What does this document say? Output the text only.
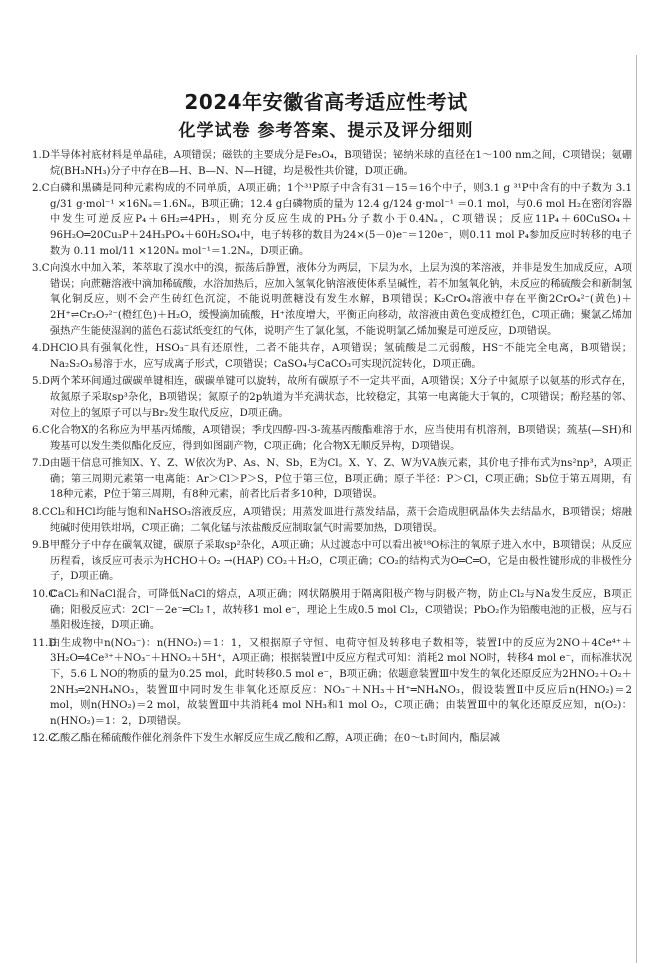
2024年安徽省高考适应性考试
化学试卷 参考答案、提示及评分细则
1.D 半导体衬底材料是单晶硅，A项错误；磁铁的主要成分是Fe₃O₄，B项错误；铋纳米球的直径在1～100 nm之间，C项错误；氨硼烷(BH₃NH₃)分子中存在B—H、B—N、N—H键，均是极性共价键，D项正确。
2.C 白磷和黑磷是同种元素构成的不同单质，A项正确；1个³¹P原子中含有31－15＝16个中子，则3.1 g ³¹P中含有的中子数为 3.1 g/31 g·mol⁻¹ ×16Nₐ＝1.6Nₐ，B项正确；12.4 g白磷物质的量为 12.4 g/124 g·mol⁻¹ ＝0.1 mol，与0.6 mol H₂在密闭容器中发生可逆反应P₄＋6H₂⇌4PH₃，则充分反应生成的PH₃分子数小于0.4Nₐ，C项错误；反应11P₄＋60CuSO₄＋96H₂O═20Cu₃P＋24H₃PO₄＋60H₂SO₄中，电子转移的数目为24×(5－0)e⁻＝120e⁻，则0.11 mol P₄参加反应时转移的电子数为 0.11 mol/11 ×120Nₐ mol⁻¹＝1.2Nₐ，D项正确。
3.C 向溴水中加入苯，苯萃取了溴水中的溴，振荡后静置，液体分为两层，下层为水，上层为溴的苯溶液，并非是发生加成反应，A项错误；向蔗糖溶液中滴加稀硫酸，水浴加热后，应加入氢氧化钠溶液使体系呈碱性，若不加氢氧化钠，未反应的稀硫酸会和新制氢氧化铜反应，则不会产生砖红色沉淀，不能说明蔗糖没有发生水解，B项错误；K₂CrO₄溶液中存在平衡2CrO₄²⁻(黄色)＋2H⁺⇌Cr₂O₇²⁻(橙红色)＋H₂O，缓慢滴加硫酸，H⁺浓度增大，平衡正向移动，故溶液由黄色变成橙红色，C项正确；聚氯乙烯加强热产生能使湿润的蓝色石蕊试纸变红的气体，说明产生了氯化氢，不能说明氯乙烯加聚是可逆反应，D项错误。
4.D HClO具有强氧化性，HSO₃⁻具有还原性，二者不能共存，A项错误；氢硫酸是二元弱酸，HS⁻不能完全电离，B项错误；Na₂S₂O₃易溶于水，应写成离子形式，C项错误；CaSO₄与CaCO₃可实现沉淀转化，D项正确。
5.D 两个苯环间通过碳碳单键相连，碳碳单键可以旋转，故所有碳原子不一定共平面，A项错误；X分子中氮原子以氨基的形式存在，故氮原子采取sp³杂化，B项错误；氮原子的2p轨道为半充满状态，比较稳定，其第一电离能大于氧的，C项错误；酚羟基的邻、对位上的氢原子可以与Br₂发生取代反应，D项正确。
6.C 化合物X的名称应为甲基丙烯酸，A项错误；季戊四醇-四-3-巯基丙酸酯难溶于水，应当使用有机溶剂，B项错误；巯基(—SH)和羧基可以发生类似酯化反应，得到如图副产物，C项正确；化合物X无顺反异构，D项错误。
7.D 由题干信息可推知X、Y、Z、W依次为P、As、N、Sb，E为Cl。X、Y、Z、W为ⅤA族元素，其价电子排布式为ns²np³，A项正确；第三周期元素第一电离能：Ar＞Cl＞P＞S，P位于第三位，B项正确；原子半径：P＞Cl，C项正确；Sb位于第五周期，有18种元素，P位于第三周期，有8种元素，前者比后者多10种，D项错误。
8.C Cl₂和HCl均能与饱和NaHSO₃溶液反应，A项错误；用蒸发皿进行蒸发结晶，蒸干会造成胆矾晶体失去结晶水，B项错误；熔融纯碱时使用铁坩埚，C项正确；二氧化锰与浓盐酸反应制取氯气时需要加热，D项错误。
9.B 甲醛分子中存在碳氧双键，碳原子采取sp²杂化，A项正确；从过渡态中可以看出被¹⁸O标注的氧原子进入水中，B项错误；从反应历程看，该反应可表示为HCHO＋O₂ →(HAP) CO₂＋H₂O，C项正确；CO₂的结构式为O═C═O，它是由极性键形成的非极性分子，D项正确。
10.C
CaCl₂和NaCl混合，可降低NaCl的熔点，A项正确；网状隔膜用于隔离阳极产物与阴极产物，防止Cl₂与Na发生反应，B项正确；阳极反应式：2Cl⁻－2e⁻═Cl₂↑，故转移1 mol e⁻，理论上生成0.5 mol Cl₂，C项错误；PbO₂作为铅酸电池的正极，应与石墨阳极连接，D项正确。
11.D
由生成物中n(NO₃⁻)：n(HNO₂)＝1：1，又根据原子守恒、电荷守恒及转移电子数相等，装置Ⅰ中的反应为2NO＋4Ce⁴⁺＋3H₂O═4Ce³⁺＋NO₃⁻＋HNO₂＋5H⁺，A项正确；根据装置Ⅰ中反应方程式可知：消耗2 mol NO时，转移4 mol e⁻，而标准状况下，5.6 L NO的物质的量为0.25 mol，此时转移0.5 mol e⁻，B项正确；依题意装置Ⅲ中发生的氧化还原反应为2HNO₂＋O₂＋2NH₃═2NH₄NO₃，装置Ⅲ中同时发生非氧化还原反应：NO₃⁻＋NH₃＋H⁺═NH₄NO₃，假设装置Ⅱ中反应后n(HNO₂)＝2 mol，则n(HNO₂)＝2 mol，故装置Ⅲ中共消耗4 mol NH₃和1 mol O₂，C项正确；由装置Ⅲ中的氧化还原反应知，n(O₂)：n(HNO₂)＝1：2，D项错误。
12.C
乙酸乙酯在稀硫酸作催化剂条件下发生水解反应生成乙酸和乙醇，A项正确；在0～t₁时间内，酯层减
